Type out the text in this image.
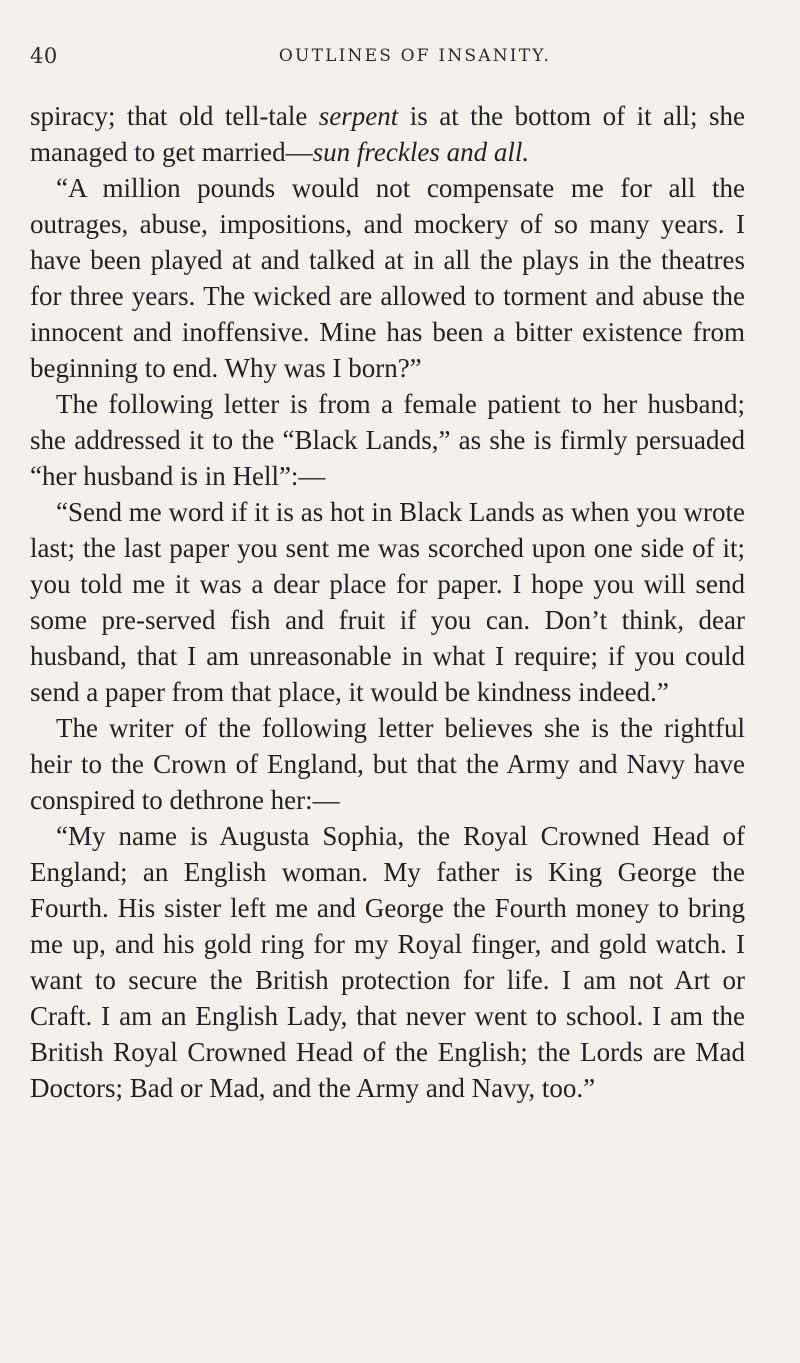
40	OUTLINES OF INSANITY.

spiracy; that old tell-tale serpent is at the bottom of it all; she managed to get married—sun freckles and all.

“A million pounds would not compensate me for all the outrages, abuse, impositions, and mockery of so many years. I have been played at and talked at in all the plays in the theatres for three years. The wicked are allowed to torment and abuse the innocent and inoffensive. Mine has been a bitter existence from beginning to end. Why was I born?”

The following letter is from a female patient to her husband; she addressed it to the “Black Lands,” as she is firmly persuaded “her husband is in Hell”:—

“Send me word if it is as hot in Black Lands as when you wrote last; the last paper you sent me was scorched upon one side of it; you told me it was a dear place for paper. I hope you will send some pre-served fish and fruit if you can. Don’t think, dear husband, that I am unreasonable in what I require; if you could send a paper from that place, it would be kindness indeed.”

The writer of the following letter believes she is the rightful heir to the Crown of England, but that the Army and Navy have conspired to dethrone her:—

“My name is Augusta Sophia, the Royal Crowned Head of England; an English woman. My father is King George the Fourth. His sister left me and George the Fourth money to bring me up, and his gold ring for my Royal finger, and gold watch. I want to secure the British protection for life. I am not Art or Craft. I am an English Lady, that never went to school. I am the British Royal Crowned Head of the English; the Lords are Mad Doctors; Bad or Mad, and the Army and Navy, too.”
